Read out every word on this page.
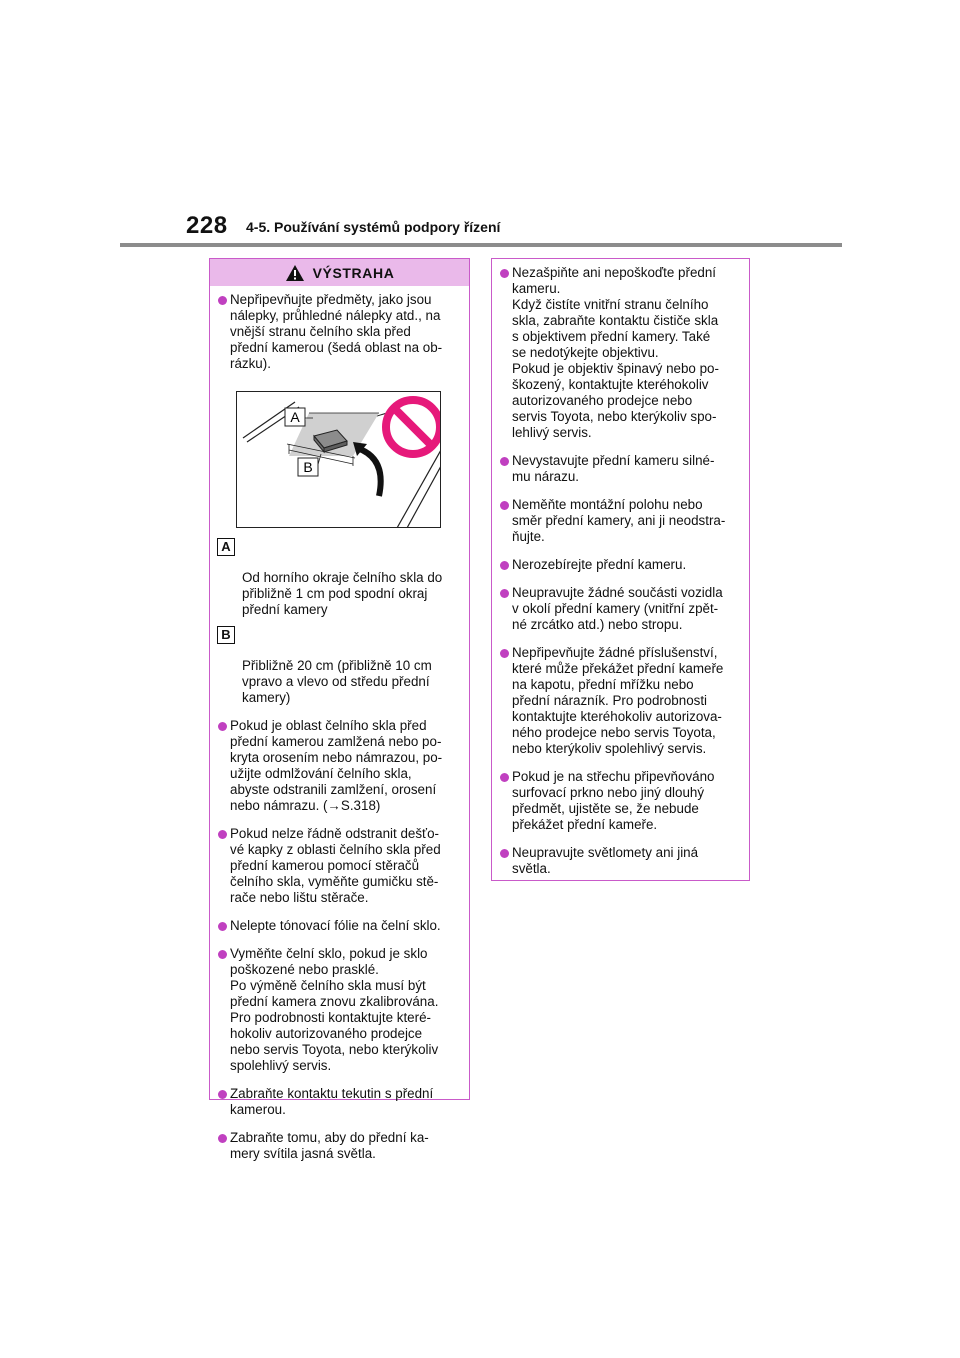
228 4-5. Používání systémů podpory řízení
VÝSTRAHA
Nepřipevňujte předměty, jako jsou
nálepky, průhledné nálepky atd., na
vnější stranu čelního skla před
přední kamerou (šedá oblast na ob-
rázku).
A
B

A

Od horního okraje čelního skla do
přibližně 1 cm pod spodní okraj
přední kamery

B

Přibližně 20 cm (přibližně 10 cm
vpravo a vlevo od středu přední
kamery)

Pokud je oblast čelního skla před
přední kamerou zamlžená nebo po-
kryta orosením nebo námrazou, po-
užijte odmlžování čelního skla,
abyste odstranili zamlžení, orosení
nebo námrazu. (→S.318)
Pokud nelze řádně odstranit dešťo-
vé kapky z oblasti čelního skla před
přední kamerou pomocí stěračů
čelního skla, vyměňte gumičku stě-
rače nebo lištu stěrače.
Nelepte tónovací fólie na čelní sklo.
Vyměňte čelní sklo, pokud je sklo
poškozené nebo prasklé.
Po výměně čelního skla musí být
přední kamera znovu zkalibrována.
Pro podrobnosti kontaktujte které-
hokoliv autorizovaného prodejce
nebo servis Toyota, nebo kterýkoliv
spolehlivý servis.
Zabraňte kontaktu tekutin s přední
kamerou.
Zabraňte tomu, aby do přední ka-
mery svítila jasná světla.
Nezašpiňte ani nepoškoďte přední
kameru.
Když čistíte vnitřní stranu čelního
skla, zabraňte kontaktu čističe skla
s objektivem přední kamery. Také
se nedotýkejte objektivu.
Pokud je objektiv špinavý nebo po-
škozený, kontaktujte kteréhokoliv
autorizovaného prodejce nebo
servis Toyota, nebo kterýkoliv spo-
lehlivý servis.
Nevystavujte přední kameru silné-
mu nárazu.
Neměňte montážní polohu nebo
směr přední kamery, ani ji neodstra-
ňujte.
Nerozebírejte přední kameru.
Neupravujte žádné součásti vozidla
v okolí přední kamery (vnitřní zpět-
né zrcátko atd.) nebo stropu.
Nepřipevňujte žádné příslušenství,
které může překážet přední kameře
na kapotu, přední mřížku nebo
přední nárazník. Pro podrobnosti
kontaktujte kteréhokoliv autorizova-
ného prodejce nebo servis Toyota,
nebo kterýkoliv spolehlivý servis.
Pokud je na střechu připevňováno
surfovací prkno nebo jiný dlouhý
předmět, ujistěte se, že nebude
překážet přední kameře.
Neupravujte světlomety ani jiná
světla.
